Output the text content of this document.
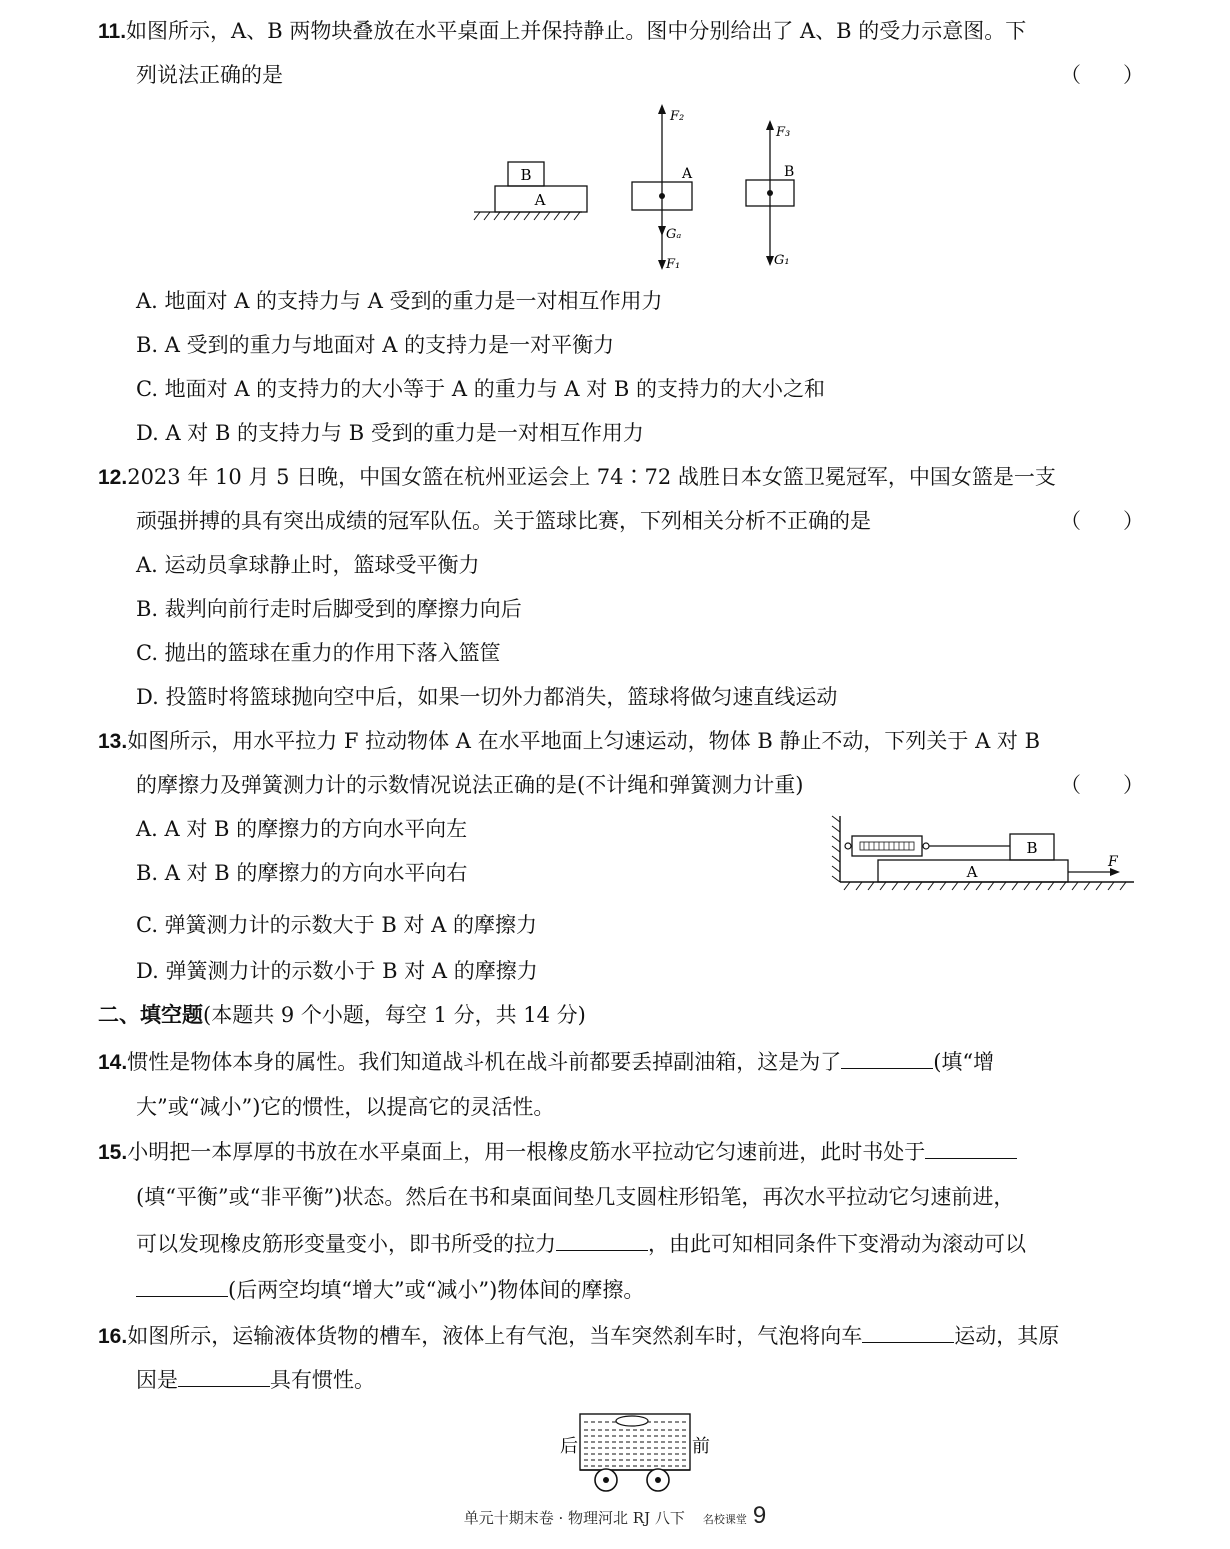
11.如图所示，A、B 两物块叠放在水平桌面上并保持静止。图中分别给出了 A、B 的受力示意图。下
列说法正确的是	（　　）
B
A
F₂
A
Gₐ
F₁
F₃
B
G₁
A. 地面对 A 的支持力与 A 受到的重力是一对相互作用力
B. A 受到的重力与地面对 A 的支持力是一对平衡力
C. 地面对 A 的支持力的大小等于 A 的重力与 A 对 B 的支持力的大小之和
D. A 对 B 的支持力与 B 受到的重力是一对相互作用力
12.2023 年 10 月 5 日晚，中国女篮在杭州亚运会上 74∶72 战胜日本女篮卫冕冠军，中国女篮是一支
顽强拼搏的具有突出成绩的冠军队伍。关于篮球比赛，下列相关分析不正确的是	（　　）
A. 运动员拿球静止时，篮球受平衡力
B. 裁判向前行走时后脚受到的摩擦力向后
C. 抛出的篮球在重力的作用下落入篮筐
D. 投篮时将篮球抛向空中后，如果一切外力都消失，篮球将做匀速直线运动
13.如图所示，用水平拉力 F 拉动物体 A 在水平地面上匀速运动，物体 B 静止不动，下列关于 A 对 B
的摩擦力及弹簧测力计的示数情况说法正确的是(不计绳和弹簧测力计重)	（　　）
A. A 对 B 的摩擦力的方向水平向左
B. A 对 B 的摩擦力的方向水平向右
C. 弹簧测力计的示数大于 B 对 A 的摩擦力
D. 弹簧测力计的示数小于 B 对 A 的摩擦力
B
A
F
二、填空题(本题共 9 个小题，每空 1 分，共 14 分)
14.惯性是物体本身的属性。我们知道战斗机在战斗前都要丢掉副油箱，这是为了	(填“增
大”或“减小”)它的惯性，以提高它的灵活性。
15.小明把一本厚厚的书放在水平桌面上，用一根橡皮筋水平拉动它匀速前进，此时书处于
(填“平衡”或“非平衡”)状态。然后在书和桌面间垫几支圆柱形铅笔，再次水平拉动它匀速前进，
可以发现橡皮筋形变量变小，即书所受的拉力	，由此可知相同条件下变滑动为滚动可以
(后两空均填“增大”或“减小”)物体间的摩擦。
16.如图所示，运输液体货物的槽车，液体上有气泡，当车突然刹车时，气泡将向车	运动，其原
因是	具有惯性。
后	前
单元十期末卷 · 物理河北 RJ 八下 名校课堂 9
